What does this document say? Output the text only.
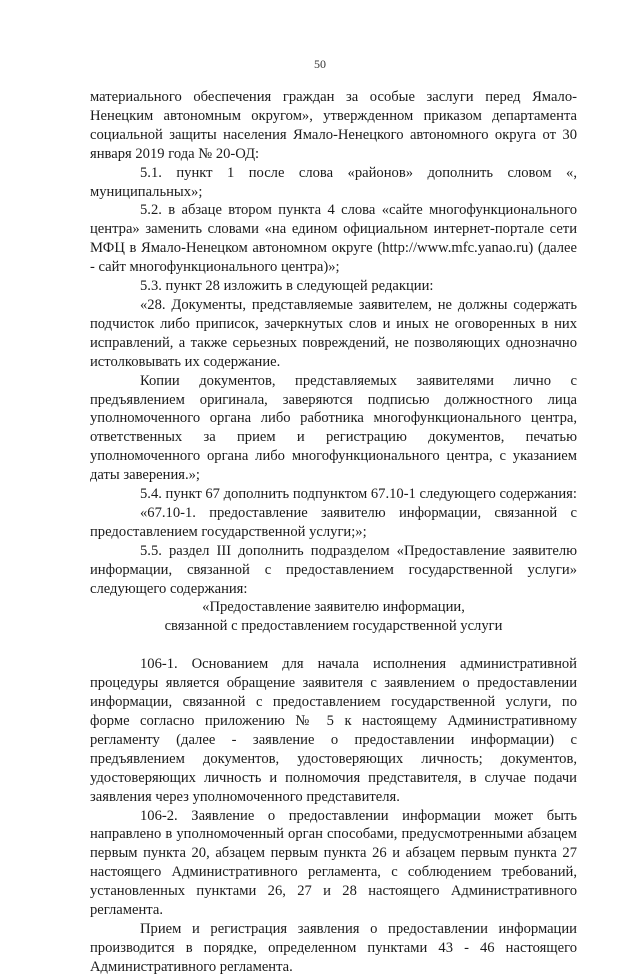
50

материального обеспечения граждан за особые заслуги перед Ямало-Ненецким автономным округом», утвержденном приказом департамента социальной защиты населения Ямало-Ненецкого автономного округа от 30 января 2019 года № 20-ОД:

5.1. пункт 1 после слова «районов» дополнить словом «, муниципальных»;

5.2. в абзаце втором пункта 4 слова «сайте многофункционального центра» заменить словами «на едином официальном интернет-портале сети МФЦ в Ямало-Ненецком автономном округе (http://www.mfc.yanao.ru) (далее - сайт многофункционального центра)»;

5.3. пункт 28 изложить в следующей редакции:

«28. Документы, представляемые заявителем, не должны содержать подчисток либо приписок, зачеркнутых слов и иных не оговоренных в них исправлений, а также серьезных повреждений, не позволяющих однозначно истолковывать их содержание.

Копии документов, представляемых заявителями лично с предъявлением оригинала, заверяются подписью должностного лица уполномоченного органа либо работника многофункционального центра, ответственных за прием и регистрацию документов, печатью уполномоченного органа либо многофункционального центра, с указанием даты заверения.»;

5.4. пункт 67 дополнить подпунктом 67.10-1 следующего содержания:

«67.10-1. предоставление заявителю информации, связанной с предоставлением государственной услуги;»;

5.5. раздел III дополнить подразделом «Предоставление заявителю информации, связанной с предоставлением государственной услуги» следующего содержания:

«Предоставление заявителю информации,

связанной с предоставлением государственной услуги

106-1. Основанием для начала исполнения административной процедуры является обращение заявителя с заявлением о предоставлении информации, связанной с предоставлением государственной услуги, по форме согласно приложению № 5 к настоящему Административному регламенту (далее - заявление о предоставлении информации) с предъявлением документов, удостоверяющих личность; документов, удостоверяющих личность и полномочия представителя, в случае подачи заявления через уполномоченного представителя.

106-2. Заявление о предоставлении информации может быть направлено в уполномоченный орган способами, предусмотренными абзацем первым пункта 20, абзацем первым пункта 26 и абзацем первым пункта 27 настоящего Административного регламента, с соблюдением требований, установленных пунктами 26, 27 и 28 настоящего Административного регламента.

Прием и регистрация заявления о предоставлении информации производится в порядке, определенном пунктами 43 - 46 настоящего Административного регламента.
